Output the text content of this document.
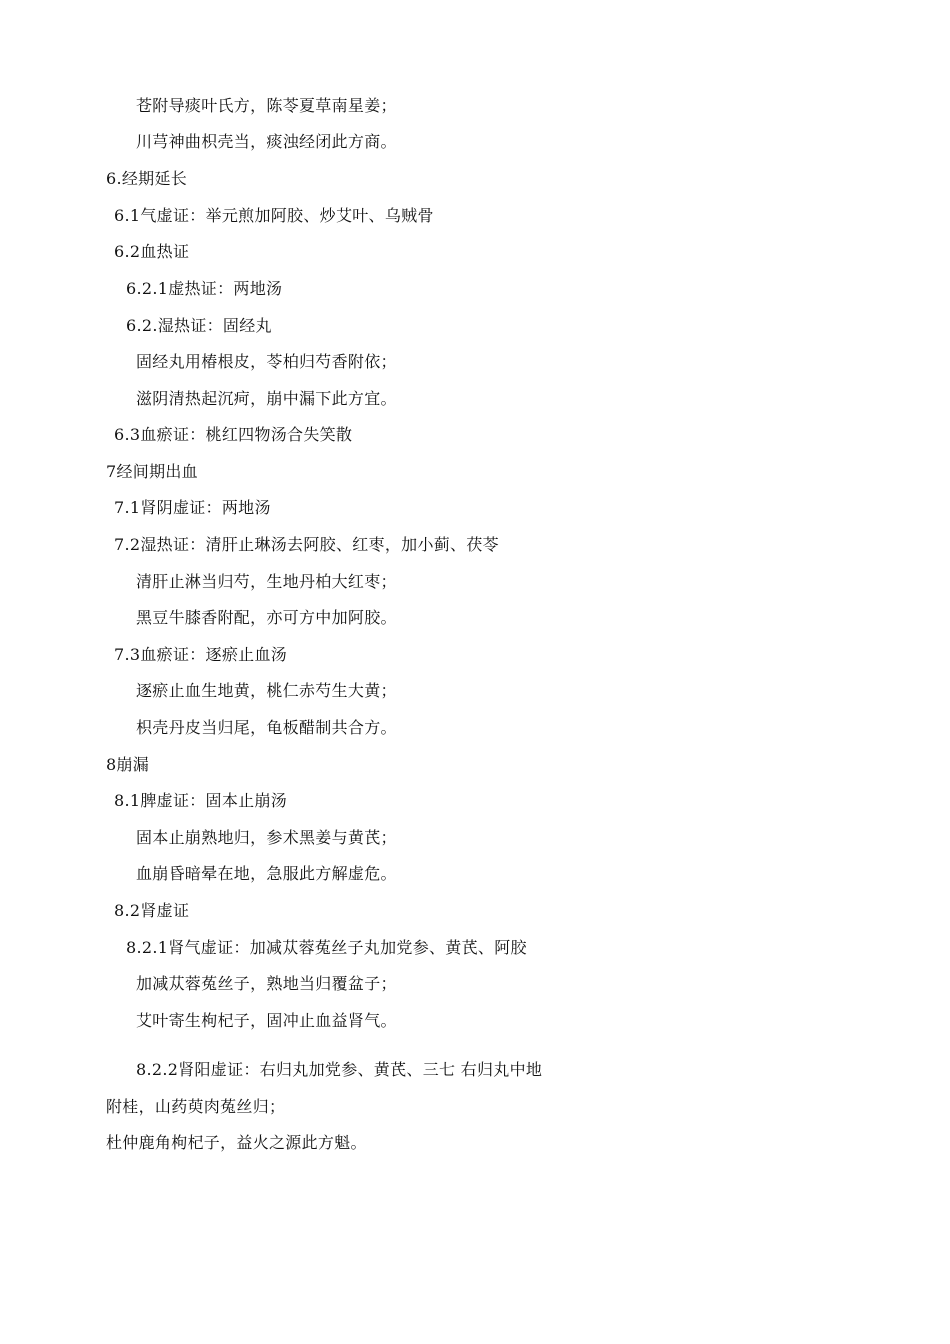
苍附导痰叶氏方，陈苓夏草南星姜；
川芎神曲枳壳当，痰浊经闭此方商。
6.经期延长
6.1气虚证：举元煎加阿胶、炒艾叶、乌贼骨
6.2血热证
6.2.1虚热证：两地汤
6.2.湿热证：固经丸
固经丸用椿根皮，苓柏归芍香附依；
滋阴清热起沉疴，崩中漏下此方宜。
6.3血瘀证：桃红四物汤合失笑散
7经间期出血
7.1肾阴虚证：两地汤
7.2湿热证：清肝止琳汤去阿胶、红枣，加小蓟、茯苓
清肝止淋当归芍，生地丹柏大红枣；
黑豆牛膝香附配，亦可方中加阿胶。
7.3血瘀证：逐瘀止血汤
逐瘀止血生地黄，桃仁赤芍生大黄；
枳壳丹皮当归尾，龟板醋制共合方。
8崩漏
8.1脾虚证：固本止崩汤
固本止崩熟地归，参术黑姜与黄芪；
血崩昏暗晕在地，急服此方解虚危。
8.2肾虚证
8.2.1肾气虚证：加减苁蓉菟丝子丸加党参、黄芪、阿胶
加减苁蓉菟丝子，熟地当归覆盆子；
艾叶寄生枸杞子，固冲止血益肾气。
8.2.2肾阳虚证：右归丸加党参、黄芪、三七 右归丸中地
附桂，山药萸肉菟丝归；
杜仲鹿角枸杞子，益火之源此方魁。
